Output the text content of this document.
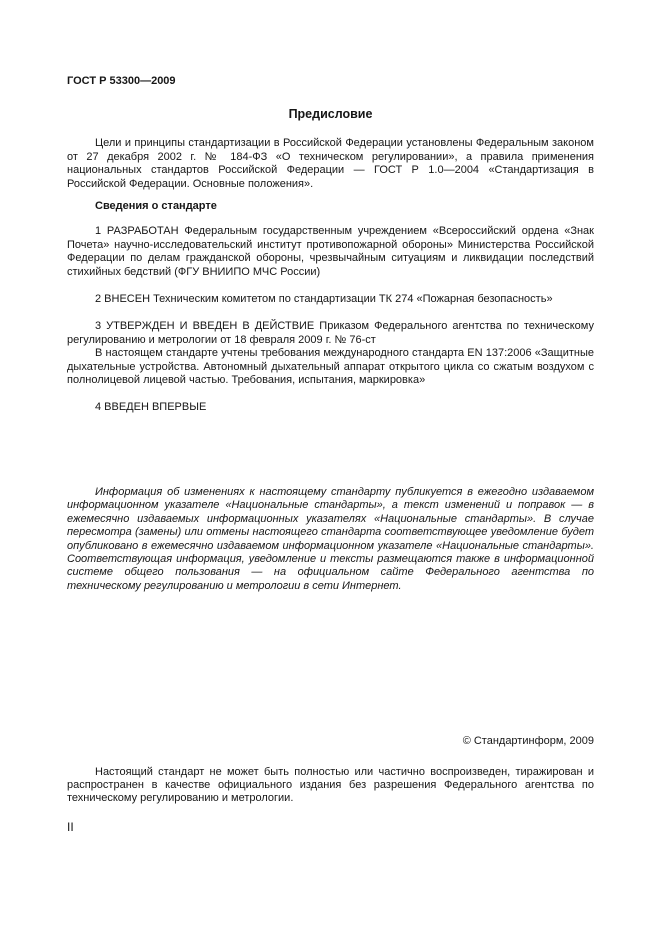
ГОСТ Р 53300—2009
Предисловие

Цели и принципы стандартизации в Российской Федерации установлены Федеральным законом от 27 декабря 2002 г. № 184-ФЗ «О техническом регулировании», а правила применения национальных стандартов Российской Федерации — ГОСТ Р 1.0—2004 «Стандартизация в Российской Федерации. Основные положения».

Сведения о стандарте

1 РАЗРАБОТАН Федеральным государственным учреждением «Всероссийский ордена «Знак Почета» научно-исследовательский институт противопожарной обороны» Министерства Российской Федерации по делам гражданской обороны, чрезвычайным ситуациям и ликвидации последствий стихийных бедствий (ФГУ ВНИИПО МЧС России)

2 ВНЕСЕН Техническим комитетом по стандартизации ТК 274 «Пожарная безопасность»

3 УТВЕРЖДЕН И ВВЕДЕН В ДЕЙСТВИЕ Приказом Федерального агентства по техническому регулированию и метрологии от 18 февраля 2009 г. № 76-ст

В настоящем стандарте учтены требования международного стандарта EN 137:2006 «Защитные дыхательные устройства. Автономный дыхательный аппарат открытого цикла со сжатым воздухом с полнолицевой лицевой частью. Требования, испытания, маркировка»

4 ВВЕДЕН ВПЕРВЫЕ

Информация об изменениях к настоящему стандарту публикуется в ежегодно издаваемом информационном указателе «Национальные стандарты», а текст изменений и поправок — в ежемесячно издаваемых информационных указателях «Национальные стандарты». В случае пересмотра (замены) или отмены настоящего стандарта соответствующее уведомление будет опубликовано в ежемесячно издаваемом информационном указателе «Национальные стандарты». Соответствующая информация, уведомление и тексты размещаются также в информационной системе общего пользования — на официальном сайте Федерального агентства по техническому регулированию и метрологии в сети Интернет.

© Стандартинформ, 2009

Настоящий стандарт не может быть полностью или частично воспроизведен, тиражирован и распространен в качестве официального издания без разрешения Федерального агентства по техническому регулированию и метрологии.

II
